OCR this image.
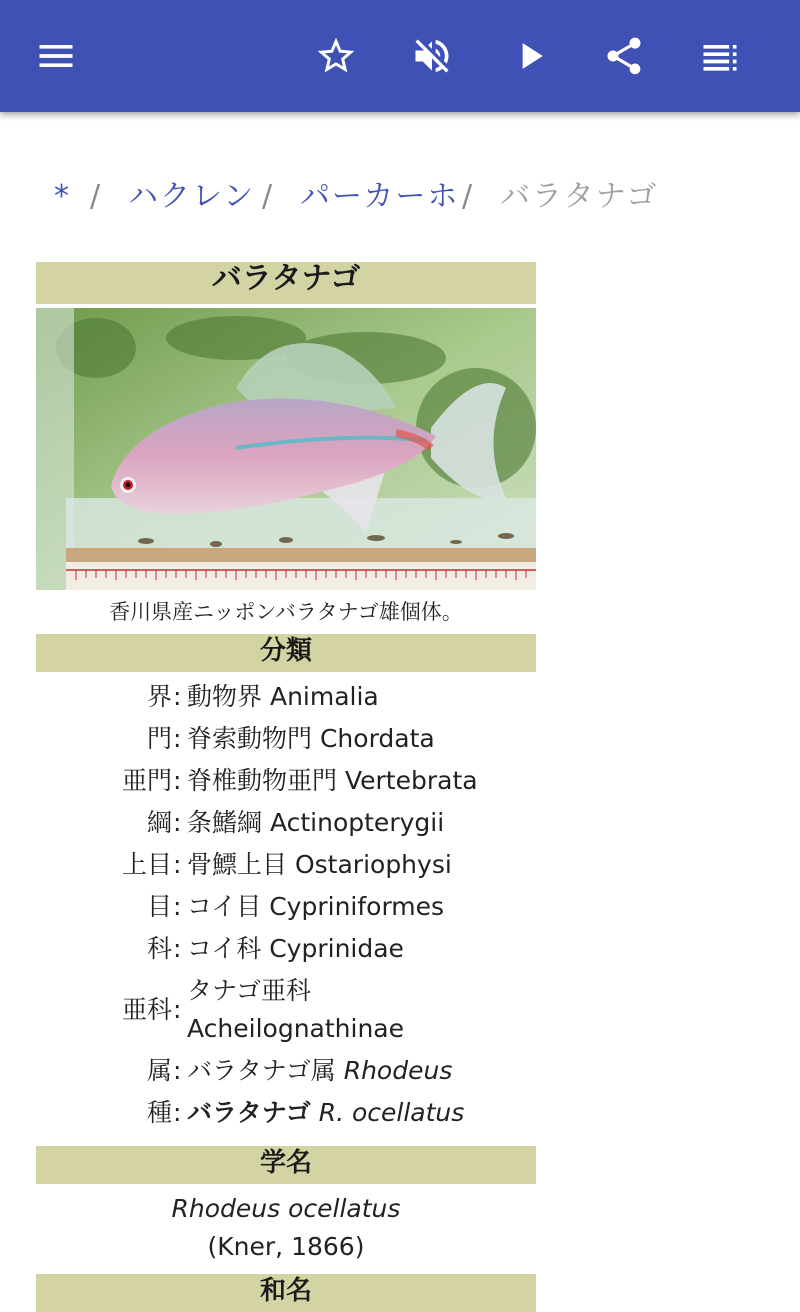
* / ハクレン / パーカーホ / バラタナゴ
バラタナゴ
香川県産ニッポンバラタナゴ雄個体。
分類
界 : 動物界 Animalia
門 : 脊索動物門 Chordata
亜門 : 脊椎動物亜門 Vertebrata
綱 : 条鰭綱 Actinopterygii
上目 : 骨鰾上目 Ostariophysi
目 : コイ目 Cypriniformes
科 : コイ科 Cyprinidae
亜科 :
タナゴ亜科
Acheilognathinae
属 : バラタナゴ属 Rhodeus
種 : バラタナゴ R. ocellatus
学名
Rhodeus ocellatus
(Kner, 1866)
和名
